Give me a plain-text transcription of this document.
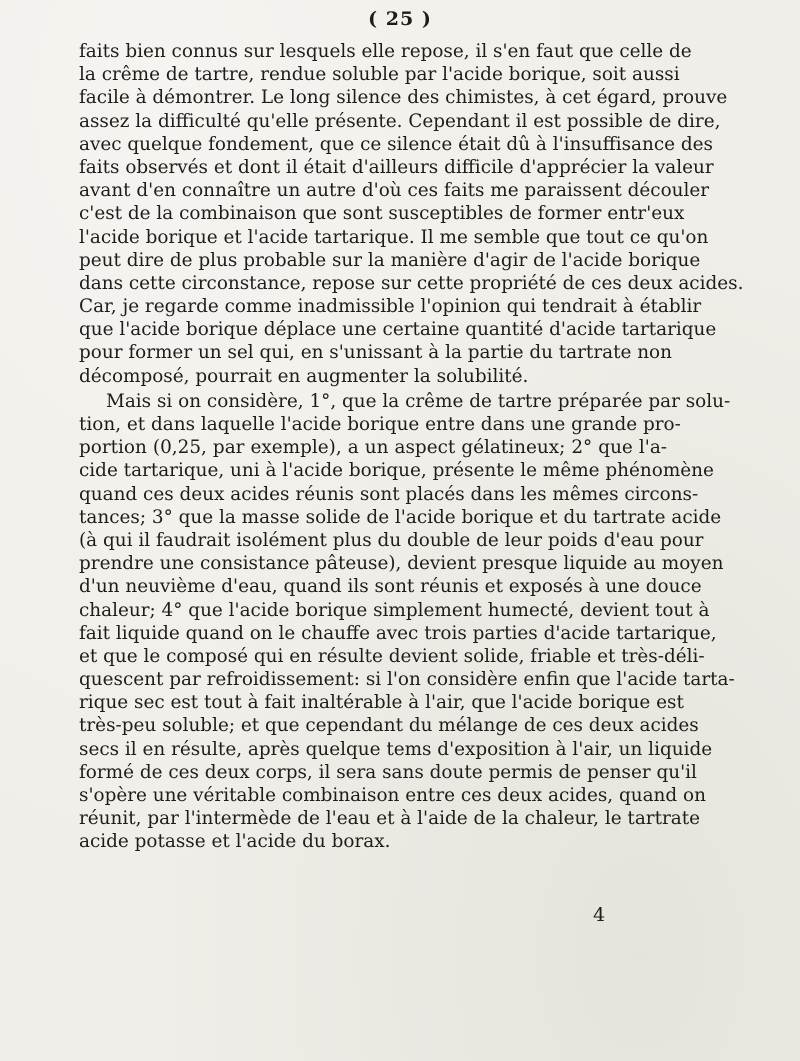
( 25 )
faits bien connus sur lesquels elle repose, il s'en faut que celle de
la crême de tartre, rendue soluble par l'acide borique, soit aussi
facile à démontrer. Le long silence des chimistes, à cet égard, prouve
assez la difficulté qu'elle présente. Cependant il est possible de dire,
avec quelque fondement, que ce silence était dû à l'insuffisance des
faits observés et dont il était d'ailleurs difficile d'apprécier la valeur
avant d'en connaître un autre d'où ces faits me paraissent découler
c'est de la combinaison que sont susceptibles de former entr'eux
l'acide borique et l'acide tartarique. Il me semble que tout ce qu'on
peut dire de plus probable sur la manière d'agir de l'acide borique
dans cette circonstance, repose sur cette propriété de ces deux acides.
Car, je regarde comme inadmissible l'opinion qui tendrait à établir
que l'acide borique déplace une certaine quantité d'acide tartarique
pour former un sel qui, en s'unissant à la partie du tartrate non
décomposé, pourrait en augmenter la solubilité.
Mais si on considère, 1°, que la crême de tartre préparée par solu-
tion, et dans laquelle l'acide borique entre dans une grande pro-
portion (0,25, par exemple), a un aspect gélatineux; 2° que l'a-
cide tartarique, uni à l'acide borique, présente le même phénomène
quand ces deux acides réunis sont placés dans les mêmes circons-
tances; 3° que la masse solide de l'acide borique et du tartrate acide
(à qui il faudrait isolément plus du double de leur poids d'eau pour
prendre une consistance pâteuse), devient presque liquide au moyen
d'un neuvième d'eau, quand ils sont réunis et exposés à une douce
chaleur; 4° que l'acide borique simplement humecté, devient tout à
fait liquide quand on le chauffe avec trois parties d'acide tartarique,
et que le composé qui en résulte devient solide, friable et très-déli-
quescent par refroidissement: si l'on considère enfin que l'acide tarta-
rique sec est tout à fait inaltérable à l'air, que l'acide borique est
très-peu soluble; et que cependant du mélange de ces deux acides
secs il en résulte, après quelque tems d'exposition à l'air, un liquide
formé de ces deux corps, il sera sans doute permis de penser qu'il
s'opère une véritable combinaison entre ces deux acides, quand on
réunit, par l'intermède de l'eau et à l'aide de la chaleur, le tartrate
acide potasse et l'acide du borax.
4
